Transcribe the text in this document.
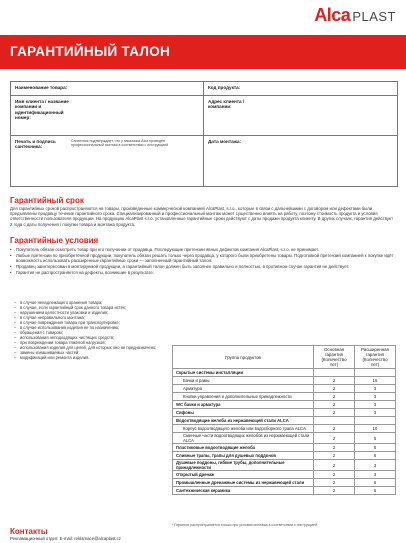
Alca PLAST
ГАРАНТИЙНЫЙ ТАЛОН
Наименование товара:	Код продукта:
Имя клиента / название компании и идентификационный номер:
Адрес клиента / компании:
Печать и подпись сантехника:
Сантехник подтверждает, что у заказчика Alca проведён профессиональный монтаж в соответствии с инструкцией
Дата монтажа:
Гарантийный срок
Для гарантийных сроков распространяются на товары, произведенные коммерческой компанией AlcaPlast, s.r.o., которые в связи с дальнейшими с договором или дефектами были предъявлены продавцу течение гарантийного срока. Специализированный и профессиональный монтаж может существенно влиять на работу, поэтому стоимость продукта и условия ответственности пользователя продукции. На продукцию AlcaPlast s.r.o. установленные гарантийные сроки действуют с даты продажи продукта клиенту. В других случаях, гарантия действует 2 года с даты получения / покупки товара и монтажа продукта.
Гарантийные условия
• Покупатель обязан осмотреть товар при его получении от продавца. Последующие претензии явных дефектов компания AlcaPlast, s.r.o. не принимает.
• Любые претензии по приобретённой продукции, покупатель обязан решать только через продавца, у которого были приобретены товары. Подготовкой претензий компанией к покупке идёт возможность использовать расширенные гарантийные сроки — заполненный гарантийный талон.
• Продавец заинтересован в монтируемой продукции, а гарантийный талон должен быть заполнен правильно и полностью, в противном случае гарантия не действует.
• Гарантия не распространяется на дефекты, возникшие в результате:
– в случае ненадлежащего хранения товара;
– в случае, если гарантийный срок данного товара истёк;
– нарушением целостности упаковки и изделия;
– в случае неправильного монтажа;
– в случае повреждения товара при транспортировке;
– в случае использования изделия не по назначению;
– обращения с товаром;
– использования неподходящих чистящих средств;
– при повреждении товара тяжёлой нагрузкой;
– использования изделия для целей, для которых оно не предназначено;
– замены изнашиваемых частей;
– модификаций или ремонта изделия.	Группа продуктов	Основная гарантия (Количество лет)	Расширенная гарантия (Количество лет)
Скрытые системы инсталляции		
Бачки и рамы	2	15
Арматура	2	3
Кнопки управления и дополнительные принадлежности	2	3
WC бачки и арматура	2	3
Сифоны	2	3
Водоотводящие желоба из нержавеющей стали ALCA		
Корпус водоотводящего желоба или водосборного трапа ALCA	2	10
Сменные части водоотводящих желобов из нержавеющей стали ALCA	2	5
Пластиковые водоотводящие желоба	2	5
Сливные трапы, трапы для душевых поддонов	2	6
Душевые поддоны, гибкие трубы, дополнительные принадлежности	2	3
Открытый дренаж	2	3
Промышленные дренажные системы из нержавеющей стали	2	6
Сантехническая керамика	2	5
* Гарантия распространяется только при условии монтажа в соответствии с инструкцией
Контакты
Рекламационный отдел: E-mail: reklamace@alcaplast.cz
